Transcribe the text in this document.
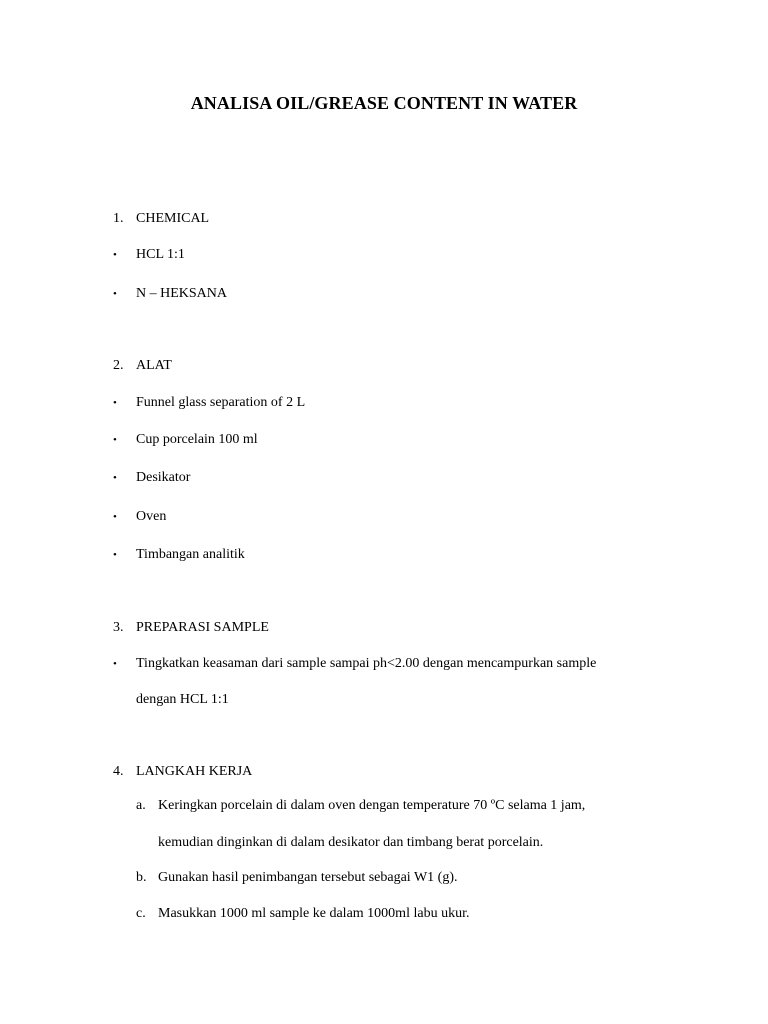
ANALISA OIL/GREASE CONTENT IN WATER
1. CHEMICAL
• HCL 1:1
• N – HEKSANA
2. ALAT
• Funnel glass separation of 2 L
• Cup porcelain 100 ml
• Desikator
• Oven
• Timbangan analitik
3. PREPARASI SAMPLE
• Tingkatkan keasaman dari sample sampai ph<2.00 dengan mencampurkan sample
dengan HCL 1:1
4. LANGKAH KERJA
a. Keringkan porcelain di dalam oven dengan temperature 70 ºC selama 1 jam,
kemudian dinginkan di dalam desikator dan timbang berat porcelain.
b. Gunakan hasil penimbangan tersebut sebagai W1 (g).
c. Masukkan 1000 ml sample ke dalam 1000ml labu ukur.
